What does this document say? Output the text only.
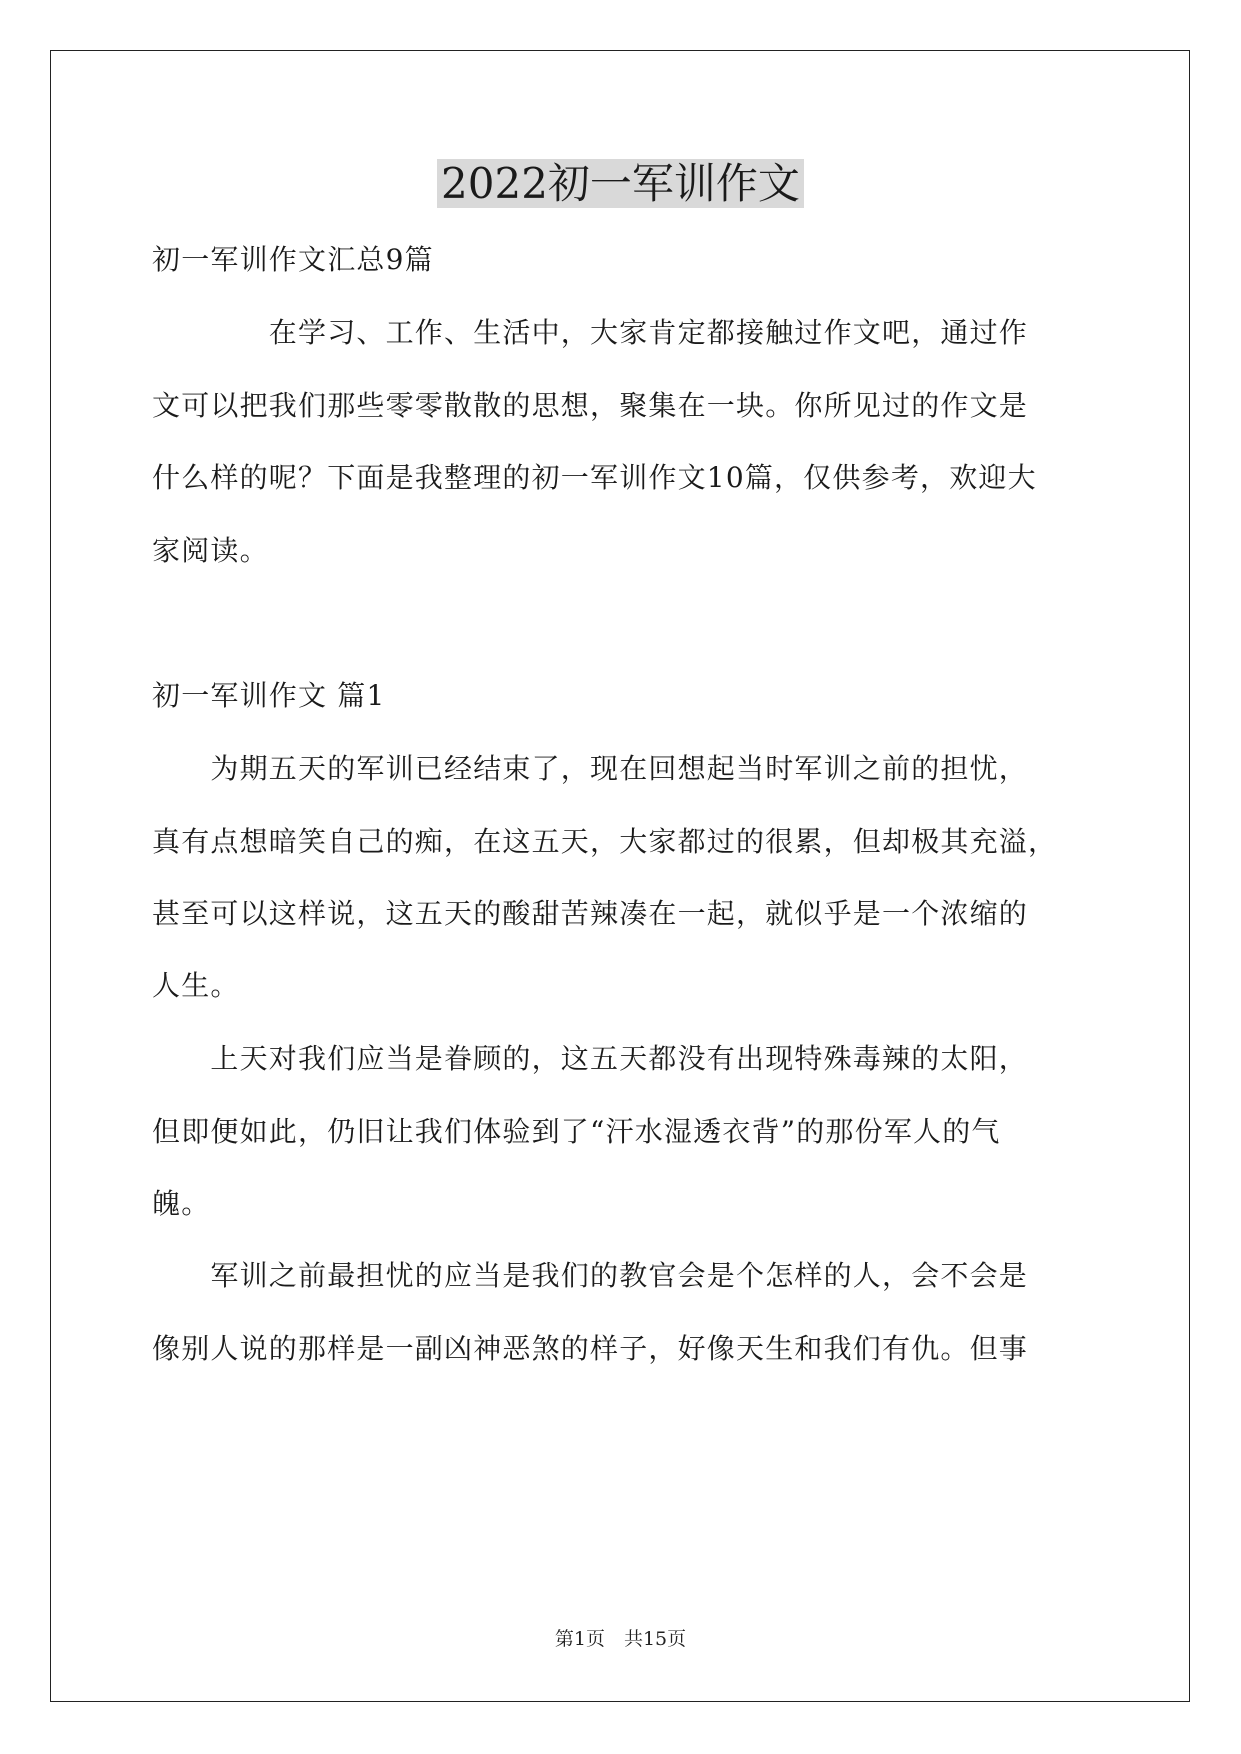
2022初一军训作文

初一军训作文汇总9篇

　　　　在学习、工作、生活中，大家肯定都接触过作文吧，通过作

文可以把我们那些零零散散的思想，聚集在一块。你所见过的作文是

什么样的呢？下面是我整理的初一军训作文10篇，仅供参考，欢迎大

家阅读。

初一军训作文 篇1

　　为期五天的军训已经结束了，现在回想起当时军训之前的担忧，

真有点想暗笑自己的痴，在这五天，大家都过的很累，但却极其充溢，

甚至可以这样说，这五天的酸甜苦辣凑在一起，就似乎是一个浓缩的

人生。

　　上天对我们应当是眷顾的，这五天都没有出现特殊毒辣的太阳，

但即便如此，仍旧让我们体验到了“汗水湿透衣背”的那份军人的气

魄。

　　军训之前最担忧的应当是我们的教官会是个怎样的人，会不会是

像别人说的那样是一副凶神恶煞的样子，好像天生和我们有仇。但事

第1页　共15页
